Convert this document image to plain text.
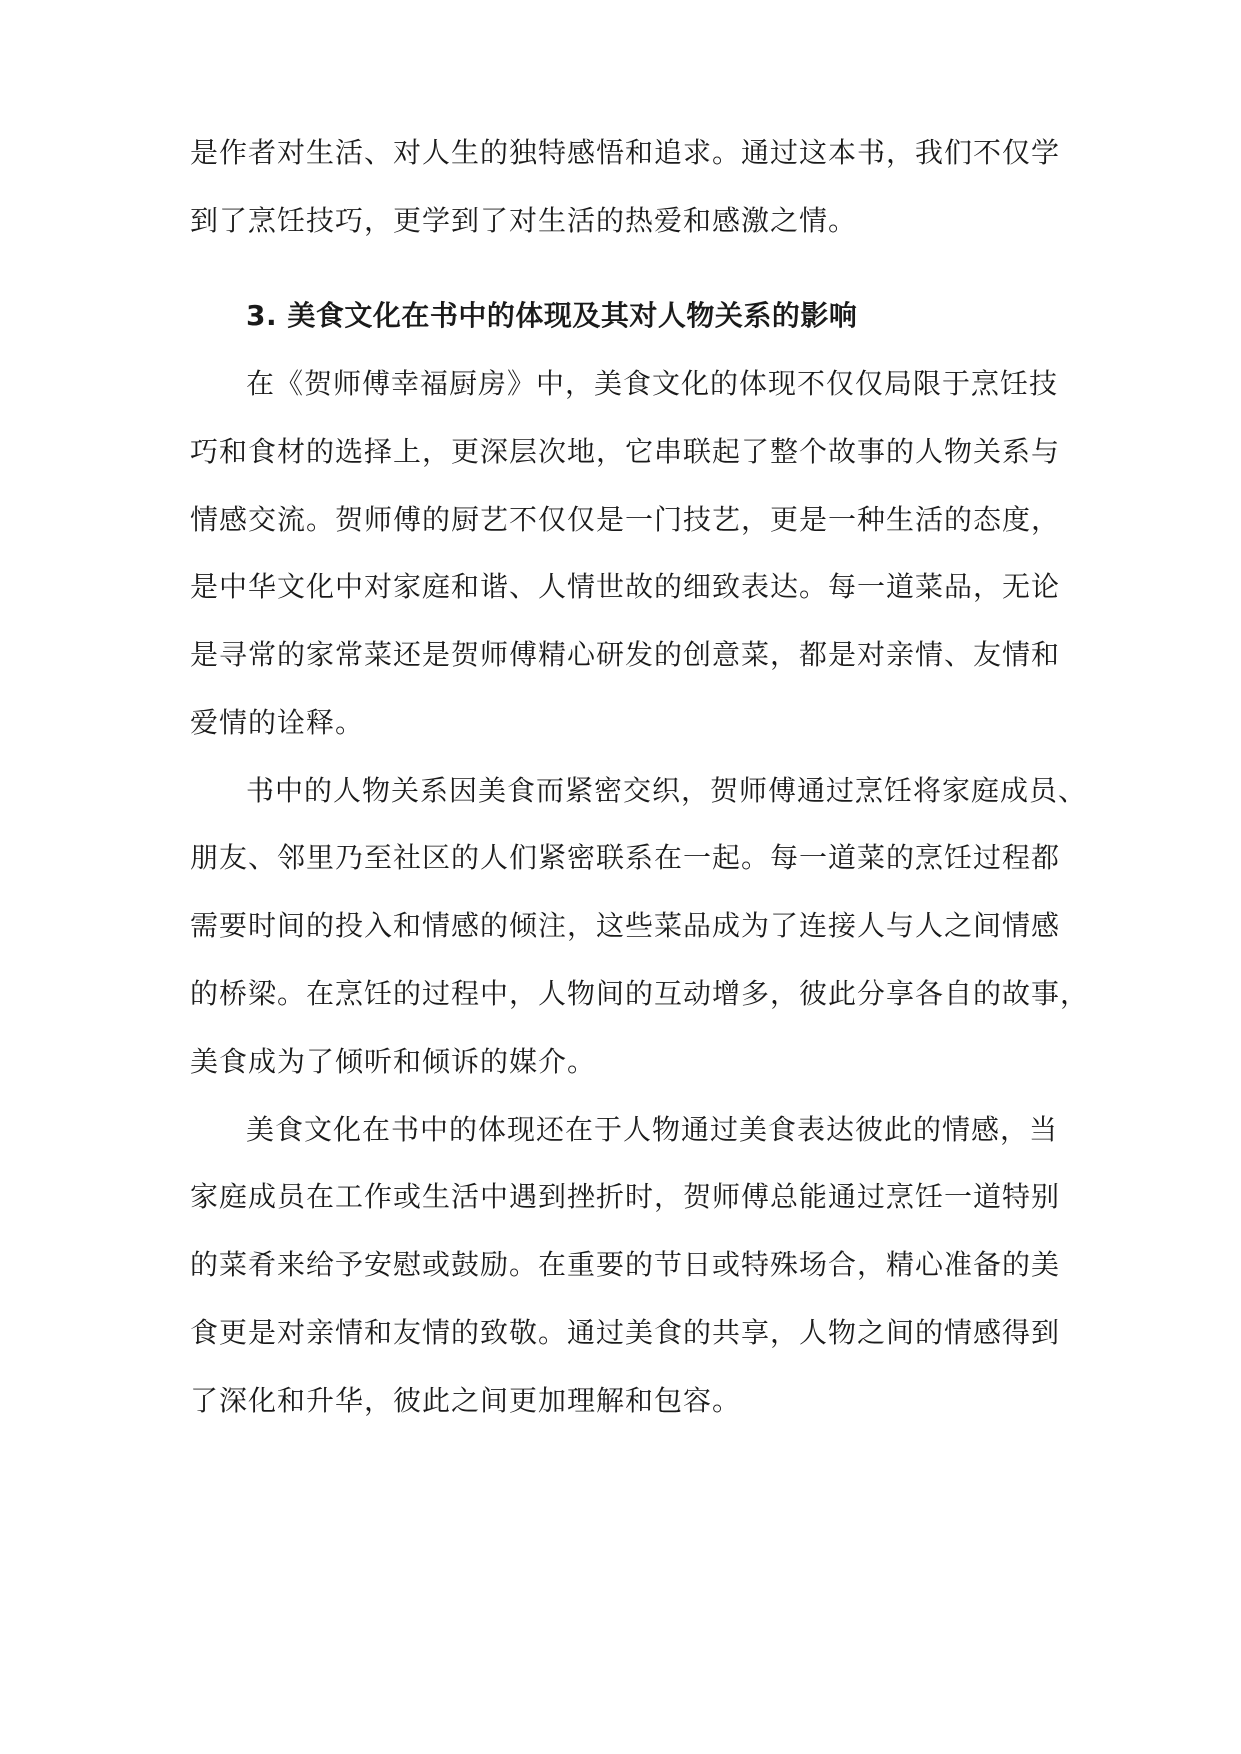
是作者对生活、对人生的独特感悟和追求。通过这本书，我们不仅学
到了烹饪技巧，更学到了对生活的热爱和感激之情。
3. 美食文化在书中的体现及其对人物关系的影响
在《贺师傅幸福厨房》中，美食文化的体现不仅仅局限于烹饪技
巧和食材的选择上，更深层次地，它串联起了整个故事的人物关系与
情感交流。贺师傅的厨艺不仅仅是一门技艺，更是一种生活的态度，
是中华文化中对家庭和谐、人情世故的细致表达。每一道菜品，无论
是寻常的家常菜还是贺师傅精心研发的创意菜，都是对亲情、友情和
爱情的诠释。
书中的人物关系因美食而紧密交织，贺师傅通过烹饪将家庭成员、
朋友、邻里乃至社区的人们紧密联系在一起。每一道菜的烹饪过程都
需要时间的投入和情感的倾注，这些菜品成为了连接人与人之间情感
的桥梁。在烹饪的过程中，人物间的互动增多，彼此分享各自的故事，
美食成为了倾听和倾诉的媒介。
美食文化在书中的体现还在于人物通过美食表达彼此的情感，当
家庭成员在工作或生活中遇到挫折时，贺师傅总能通过烹饪一道特别
的菜肴来给予安慰或鼓励。在重要的节日或特殊场合，精心准备的美
食更是对亲情和友情的致敬。通过美食的共享，人物之间的情感得到
了深化和升华，彼此之间更加理解和包容。
